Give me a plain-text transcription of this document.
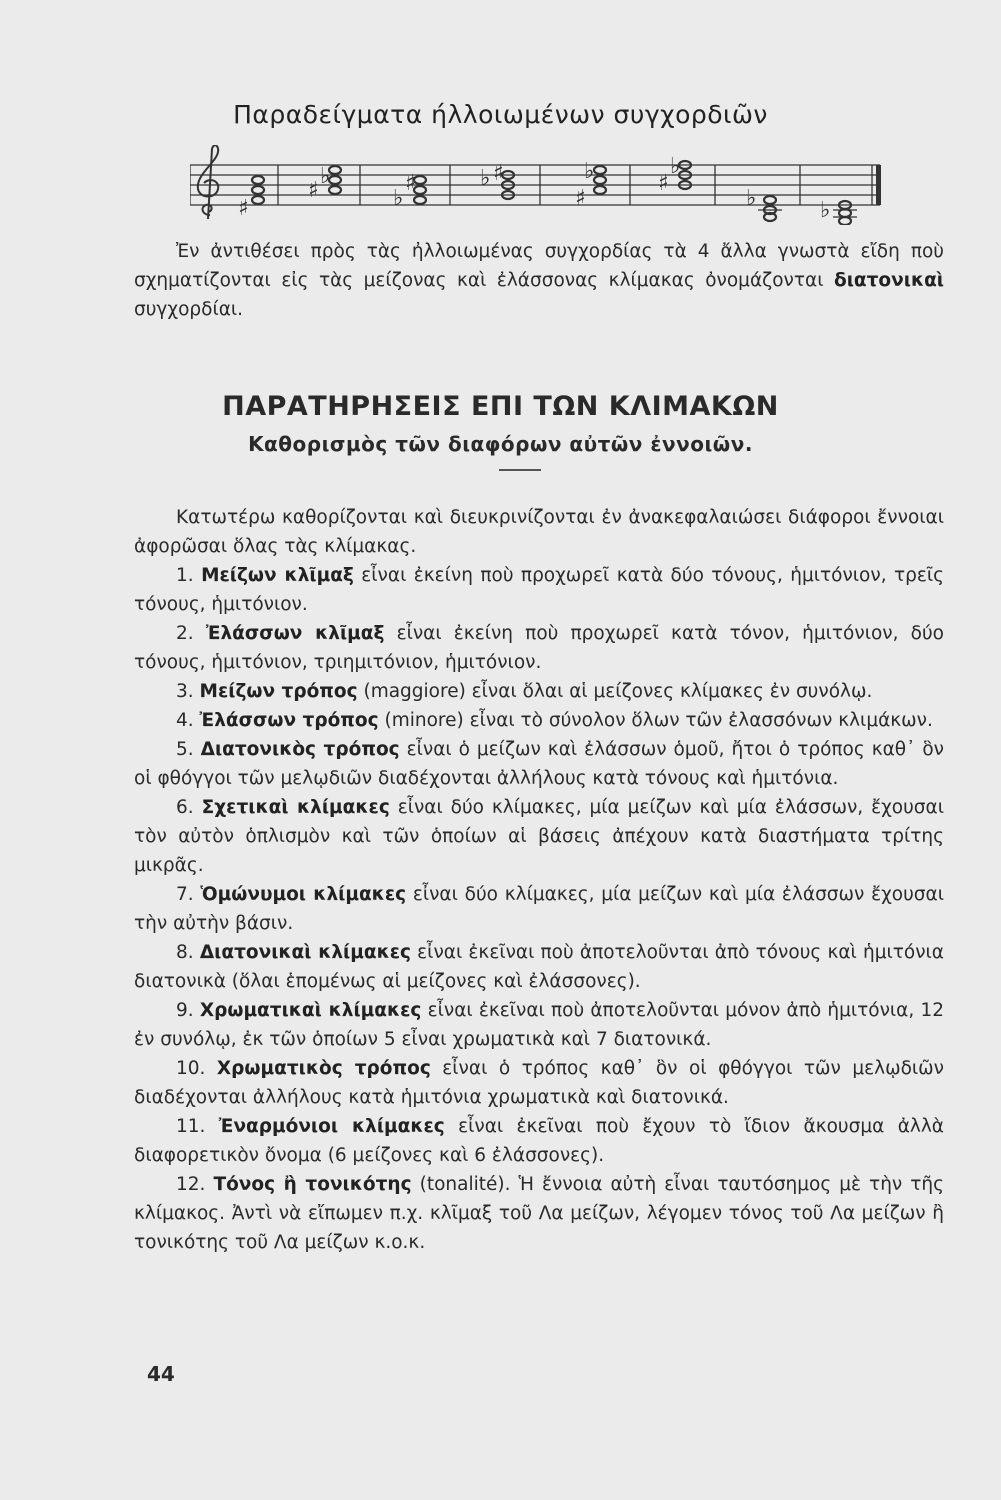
Παραδείγματα ήλλοιωμένων συγχορδιῶν
♯
♯
♭
♭
♯	♭ ♯
♯
♭	♯
♭
♭	♭
Ἐν ἀντιθέσει πρὸς τὰς ἠλλοιωμένας συγχορδίας τὰ 4 ἄλλα γνωστὰ εἴδη ποὺ σχηματίζονται εἰς τὰς μείζονας καὶ ἐλάσσονας κλίμακας ὀνομάζονται διατονικαὶ συγχορδίαι.
ΠΑΡΑΤΗΡΗΣΕΙΣ ΕΠΙ ΤΩΝ ΚΛΙΜΑΚΩΝ
Καθορισμὸς τῶν διαφόρων αὐτῶν ἐννοιῶν.
Κατωτέρω καθορίζονται καὶ διευκρινίζονται ἐν ἀνακεφαλαιώσει διάφοροι ἔννοιαι ἀφορῶσαι ὅλας τὰς κλίμακας.

1. Μείζων κλῖμαξ εἶναι ἐκείνη ποὺ προχωρεῖ κατὰ δύο τόνους, ἡμιτόνιον, τρεῖς τόνους, ἡμιτόνιον.

2. Ἐλάσσων κλῖμαξ εἶναι ἐκείνη ποὺ προχωρεῖ κατὰ τόνον, ἡμιτόνιον, δύο τόνους, ἡμιτόνιον, τριημιτόνιον, ἡμιτόνιον.

3. Μείζων τρόπος (maggiore) εἶναι ὅλαι αἱ μείζονες κλίμακες ἐν συνόλῳ.

4. Ἐλάσσων τρόπος (minore) εἶναι τὸ σύνολον ὅλων τῶν ἐλασσόνων κλιμάκων.

5. Διατονικὸς τρόπος εἶναι ὁ μείζων καὶ ἐλάσσων ὁμοῦ, ἤτοι ὁ τρόπος καθ᾽ ὃν οἱ φθόγγοι τῶν μελῳδιῶν διαδέχονται ἀλλήλους κατὰ τόνους καὶ ἡμιτόνια.

6. Σχετικαὶ κλίμακες εἶναι δύο κλίμακες, μία μείζων καὶ μία ἐλάσσων, ἔχουσαι τὸν αὐτὸν ὁπλισμὸν καὶ τῶν ὁποίων αἱ βάσεις ἀπέχουν κατὰ διαστήματα τρίτης μικρᾶς.

7. Ὁμώνυμοι κλίμακες εἶναι δύο κλίμακες, μία μείζων καὶ μία ἐλάσσων ἔχουσαι τὴν αὐτὴν βάσιν.

8. Διατονικαὶ κλίμακες εἶναι ἐκεῖναι ποὺ ἀποτελοῦνται ἀπὸ τόνους καὶ ἡμιτόνια διατονικὰ (ὅλαι ἑπομένως αἱ μείζονες καὶ ἐλάσσονες).

9. Χρωματικαὶ κλίμακες εἶναι ἐκεῖναι ποὺ ἀποτελοῦνται μόνον ἀπὸ ἡμιτόνια, 12 ἐν συνόλῳ, ἐκ τῶν ὁποίων 5 εἶναι χρωματικὰ καὶ 7 διατονικά.

10. Χρωματικὸς τρόπος εἶναι ὁ τρόπος καθ᾽ ὃν οἱ φθόγγοι τῶν μελῳδιῶν διαδέχονται ἀλλήλους κατὰ ἡμιτόνια χρωματικὰ καὶ διατονικά.

11. Ἐναρμόνιοι κλίμακες εἶναι ἐκεῖναι ποὺ ἔχουν τὸ ἴδιον ἄκουσμα ἀλλὰ διαφορετικὸν ὄνομα (6 μείζονες καὶ 6 ἐλάσσονες).

12. Τόνος ἢ τονικότης (tonalité). Ἡ ἔννοια αὐτὴ εἶναι ταυτόσημος μὲ τὴν τῆς κλίμακος. Ἀντὶ νὰ εἴπωμεν π.χ. κλῖμαξ τοῦ Λα μείζων, λέγομεν τόνος τοῦ Λα μείζων ἢ τονικότης τοῦ Λα μείζων κ.ο.κ.

44
